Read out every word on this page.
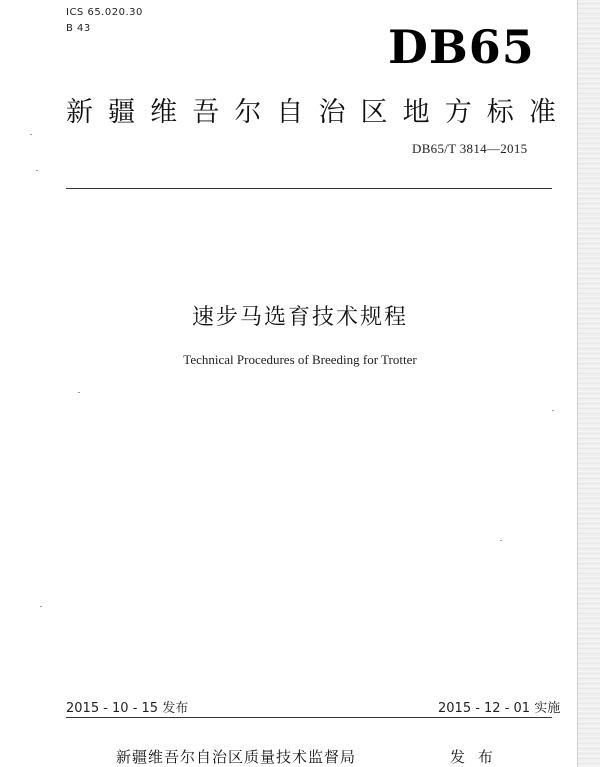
ICS 65.020.30
B 43	DB65
新 疆 维 吾 尔 自 治 区 地 方 标 准
DB65/T 3814—2015
速步马选育技术规程
Technical Procedures of Breeding for Trotter
2015 - 10 - 15 发布	2015 - 12 - 01 实施
新疆维吾尔自治区质量技术监督局	发 布
